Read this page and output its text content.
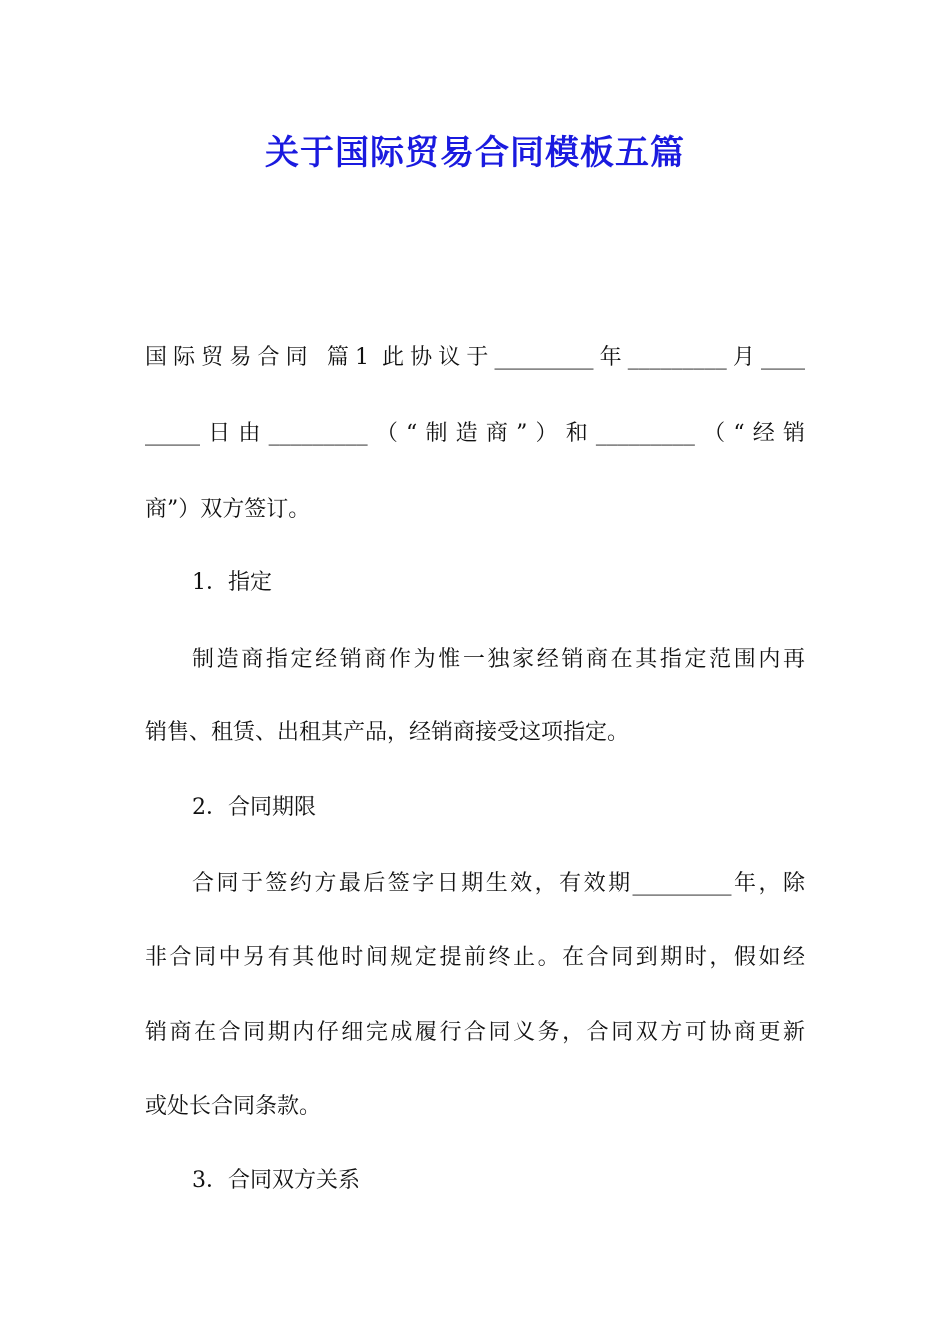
关于国际贸易合同模板五篇
国际贸易合同 篇1 此协议于_________年_________月____
_____日由_________（“制造商”）和_________（“经销
商”）双方签订。
1．指定
制造商指定经销商作为惟一独家经销商在其指定范围内再
销售、租赁、出租其产品，经销商接受这项指定。
2．合同期限
合同于签约方最后签字日期生效，有效期_________年，除
非合同中另有其他时间规定提前终止。在合同到期时，假如经
销商在合同期内仔细完成履行合同义务，合同双方可协商更新
或处长合同条款。
3．合同双方关系
